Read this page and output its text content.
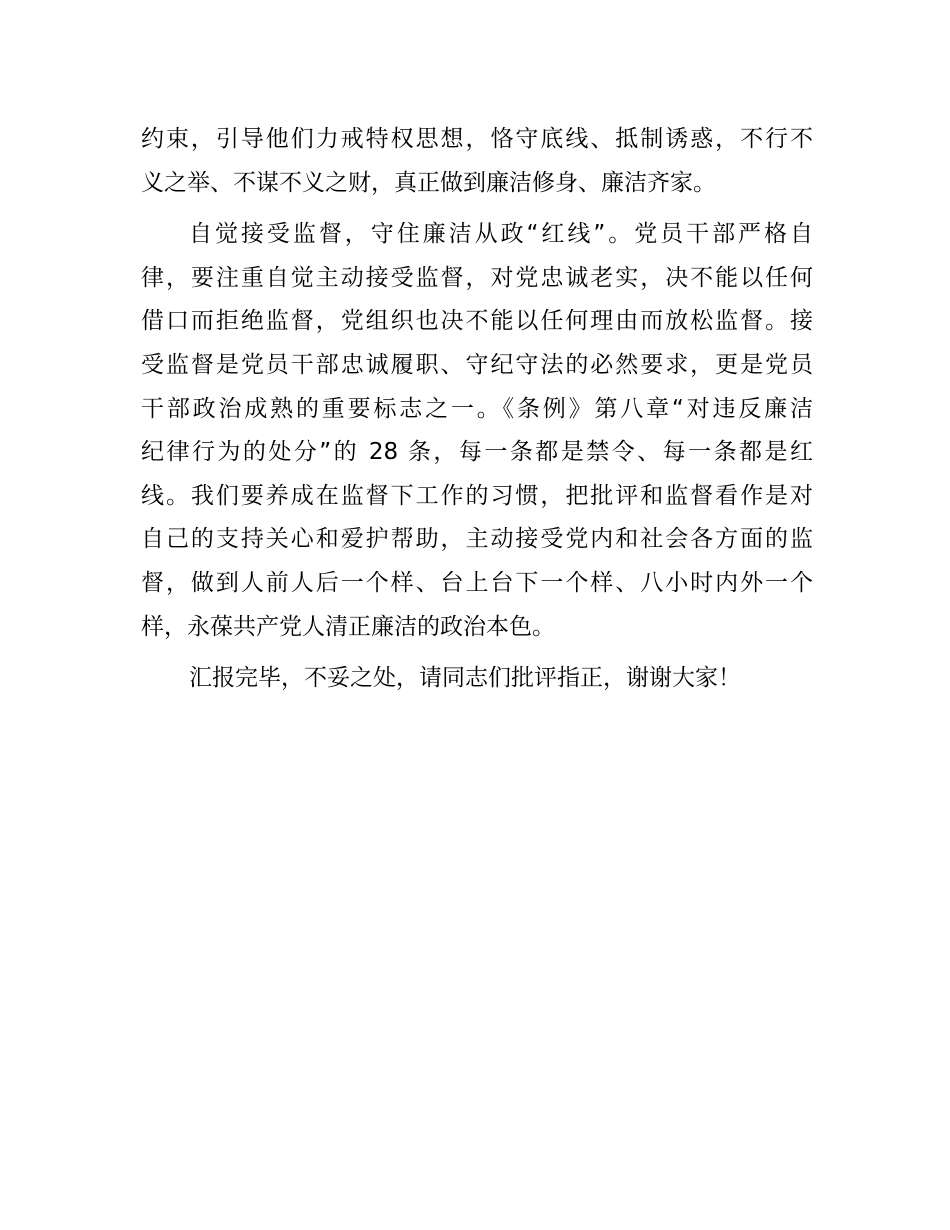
约束，引导他们力戒特权思想，恪守底线、抵制诱惑，不行不
义之举、不谋不义之财，真正做到廉洁修身、廉洁齐家。
自觉接受监督，守住廉洁从政“红线”。党员干部严格自
律，要注重自觉主动接受监督，对党忠诚老实，决不能以任何
借口而拒绝监督，党组织也决不能以任何理由而放松监督。接
受监督是党员干部忠诚履职、守纪守法的必然要求，更是党员
干部政治成熟的重要标志之一。《条例》第八章“对违反廉洁
纪律行为的处分”的 28 条，每一条都是禁令、每一条都是红
线。我们要养成在监督下工作的习惯，把批评和监督看作是对
自己的支持关心和爱护帮助，主动接受党内和社会各方面的监
督，做到人前人后一个样、台上台下一个样、八小时内外一个
样，永葆共产党人清正廉洁的政治本色。
汇报完毕，不妥之处，请同志们批评指正，谢谢大家！
